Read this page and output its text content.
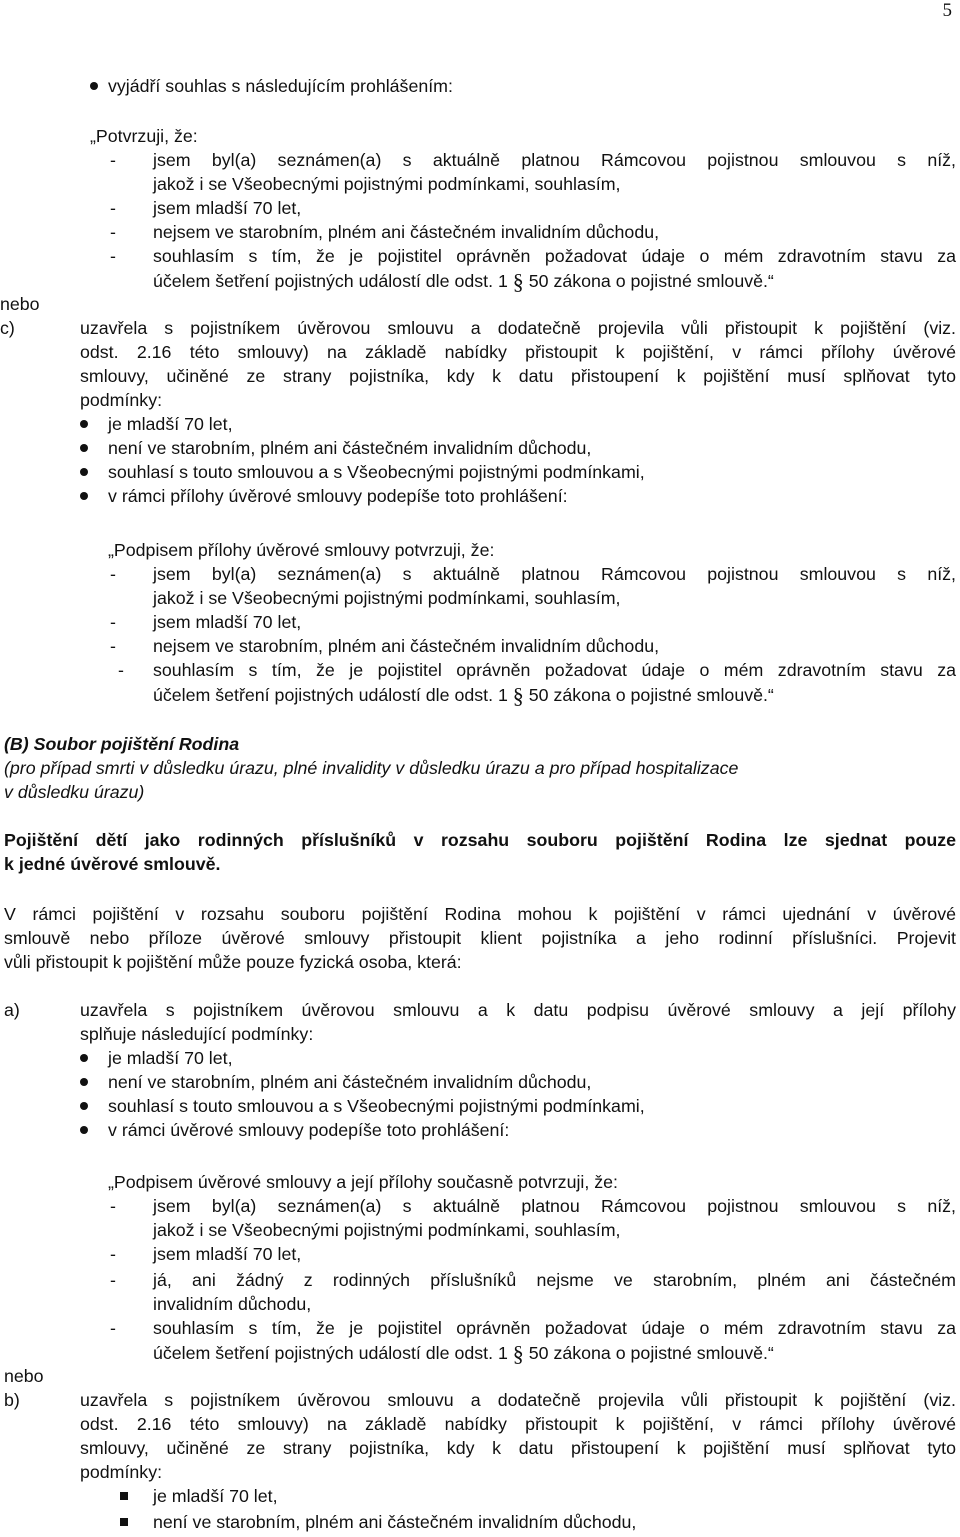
5
vyjádří souhlas s následujícím prohlášením:
„Potvrzuji, že:
- jsem byl(a) seznámen(a) s aktuálně platnou Rámcovou pojistnou smlouvou s níž,
jakož i se Všeobecnými pojistnými podmínkami, souhlasím,
- jsem mladší 70 let,
- nejsem ve starobním, plném ani částečném invalidním důchodu,
- souhlasím s tím, že je pojistitel oprávněn požadovat údaje o mém zdravotním stavu za
účelem šetření pojistných událostí dle odst. 1 § 50 zákona o pojistné smlouvě.“
nebo
c)	uzavřela s pojistníkem úvěrovou smlouvu a dodatečně projevila vůli přistoupit k pojištění (viz.
odst. 2.16 této smlouvy) na základě nabídky přistoupit k pojištění, v rámci přílohy úvěrové
smlouvy, učiněné ze strany pojistníka, kdy k datu přistoupení k pojištění musí splňovat tyto
podmínky:
je mladší 70 let,
není ve starobním, plném ani částečném invalidním důchodu,
souhlasí s touto smlouvou a s Všeobecnými pojistnými podmínkami,
v rámci přílohy úvěrové smlouvy podepíše toto prohlášení:
„Podpisem přílohy úvěrové smlouvy potvrzuji, že:
- jsem byl(a) seznámen(a) s aktuálně platnou Rámcovou pojistnou smlouvou s níž,
jakož i se Všeobecnými pojistnými podmínkami, souhlasím,
- jsem mladší 70 let,
- nejsem ve starobním, plném ani částečném invalidním důchodu,
- souhlasím s tím, že je pojistitel oprávněn požadovat údaje o mém zdravotním stavu za
účelem šetření pojistných událostí dle odst. 1 § 50 zákona o pojistné smlouvě.“
(B) Soubor pojištění Rodina
(pro případ smrti v důsledku úrazu, plné invalidity v důsledku úrazu a pro případ hospitalizace
v důsledku úrazu)
Pojištění dětí jako rodinných příslušníků v rozsahu souboru pojištění Rodina lze sjednat pouze
k jedné úvěrové smlouvě.
V rámci pojištění v rozsahu souboru pojištění Rodina mohou k pojištění v rámci ujednání v úvěrové
smlouvě nebo příloze úvěrové smlouvy přistoupit klient pojistníka a jeho rodinní příslušníci. Projevit
vůli přistoupit k pojištění může pouze fyzická osoba, která:
a)	uzavřela s pojistníkem úvěrovou smlouvu a k datu podpisu úvěrové smlouvy a její přílohy
splňuje následující podmínky:
je mladší 70 let,
není ve starobním, plném ani částečném invalidním důchodu,
souhlasí s touto smlouvou a s Všeobecnými pojistnými podmínkami,
v rámci úvěrové smlouvy podepíše toto prohlášení:
„Podpisem úvěrové smlouvy a její přílohy současně potvrzuji, že:
- jsem byl(a) seznámen(a) s aktuálně platnou Rámcovou pojistnou smlouvou s níž,
jakož i se Všeobecnými pojistnými podmínkami, souhlasím,
- jsem mladší 70 let,
- já, ani žádný z rodinných příslušníků nejsme ve starobním, plném ani částečném
invalidním důchodu,
- souhlasím s tím, že je pojistitel oprávněn požadovat údaje o mém zdravotním stavu za
účelem šetření pojistných událostí dle odst. 1 § 50 zákona o pojistné smlouvě.“
nebo
b)	uzavřela s pojistníkem úvěrovou smlouvu a dodatečně projevila vůli přistoupit k pojištění (viz.
odst. 2.16 této smlouvy) na základě nabídky přistoupit k pojištění, v rámci přílohy úvěrové
smlouvy, učiněné ze strany pojistníka, kdy k datu přistoupení k pojištění musí splňovat tyto
podmínky:
je mladší 70 let,
není ve starobním, plném ani částečném invalidním důchodu,
